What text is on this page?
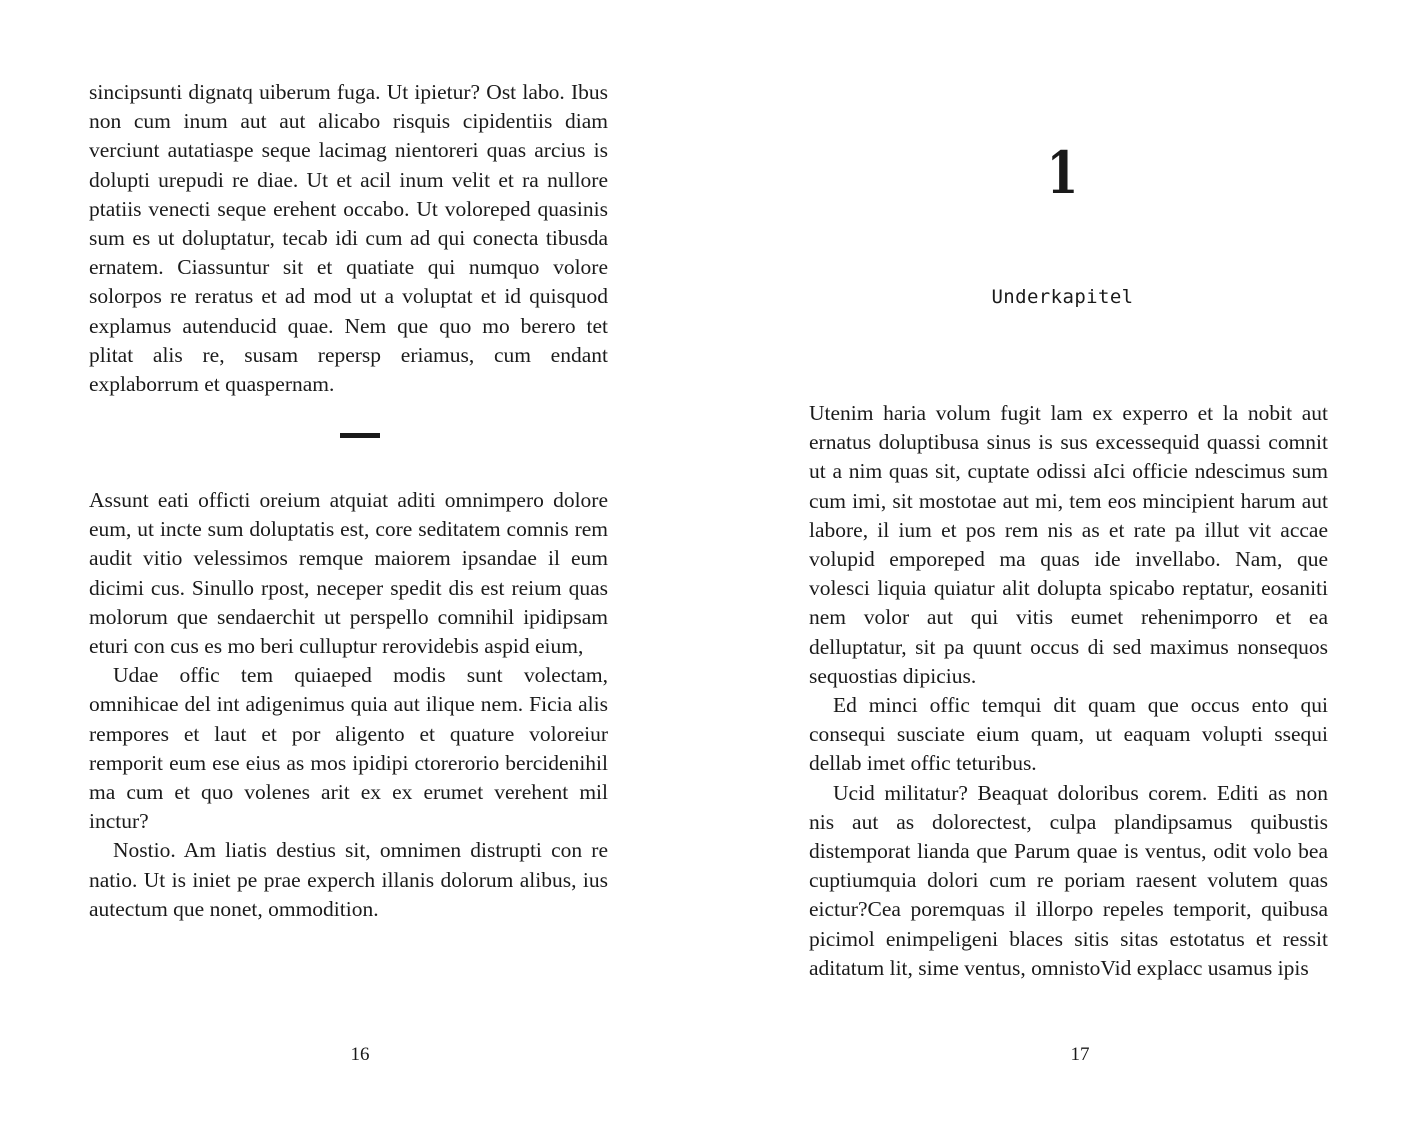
sincipsunti dignatq uiberum fuga. Ut ipietur? Ost labo. Ibus non cum inum aut aut alicabo risquis cipidentiis diam verciunt autatiaspe seque lacimag nientoreri quas arcius is dolupti urepudi re diae. Ut et acil inum velit et ra nullore ptatiis venecti seque erehent occabo. Ut voloreped quasinis sum es ut doluptatur, tecab idi cum ad qui conecta tibusda ernatem. Ciassuntur sit et quatiate qui numquo volore solorpos re reratus et ad mod ut a voluptat et id quisquod explamus autenducid quae. Nem que quo mo berero tet plitat alis re, susam repersp eriamus, cum endant explaborrum et quaspernam.

Assunt eati officti oreium atquiat aditi omnimpero dolore eum, ut incte sum doluptatis est, core seditatem comnis rem audit vitio velessimos remque maiorem ipsandae il eum dicimi cus. Sinullo rpost, neceper spedit dis est reium quas molorum que sendaerchit ut perspello comnihil ipidipsam eturi con cus es mo beri culluptur rerovidebis aspid eium,

Udae offic tem quiaeped modis sunt volectam, omnihicae del int adigenimus quia aut ilique nem. Ficia alis rempores et laut et por aligento et quature voloreiur remporit eum ese eius as mos ipidipi ctorerorio bercidenihil ma cum et quo volenes arit ex ex erumet verehent mil inctur?

Nostio. Am liatis destius sit, omnimen distrupti con re natio. Ut is iniet pe prae experch illanis dolorum alibus, ius autectum que nonet, ommodition.

16
1
Underkapitel

Utenim haria volum fugit lam ex experro et la nobit aut ernatus doluptibusa sinus is sus excessequid quassi comnit ut a nim quas sit, cuptate odissi aIci officie ndescimus sum cum imi, sit mostotae aut mi, tem eos mincipient harum aut labore, il ium et pos rem nis as et rate pa illut vit accae volupid emporeped ma quas ide invellabo. Nam, que volesci liquia quiatur alit dolupta spicabo reptatur, eosaniti nem volor aut qui vitis eumet rehenimporro et ea delluptatur, sit pa quunt occus di sed maximus nonsequos sequostias dipicius.

Ed minci offic temqui dit quam que occus ento qui consequi susciate eium quam, ut eaquam volupti ssequi dellab imet offic teturibus.

Ucid militatur? Beaquat doloribus corem. Editi as non nis aut as dolorectest, culpa plandipsamus quibustis distemporat lianda que Parum quae is ventus, odit volo bea cuptiumquia dolori cum re poriam raesent volutem quas eictur?Cea poremquas il illorpo repeles temporit, quibusa picimol enimpeligeni blaces sitis sitas estotatus et ressit aditatum lit, sime ventus, omnistoVid explacc usamus ipis

17
